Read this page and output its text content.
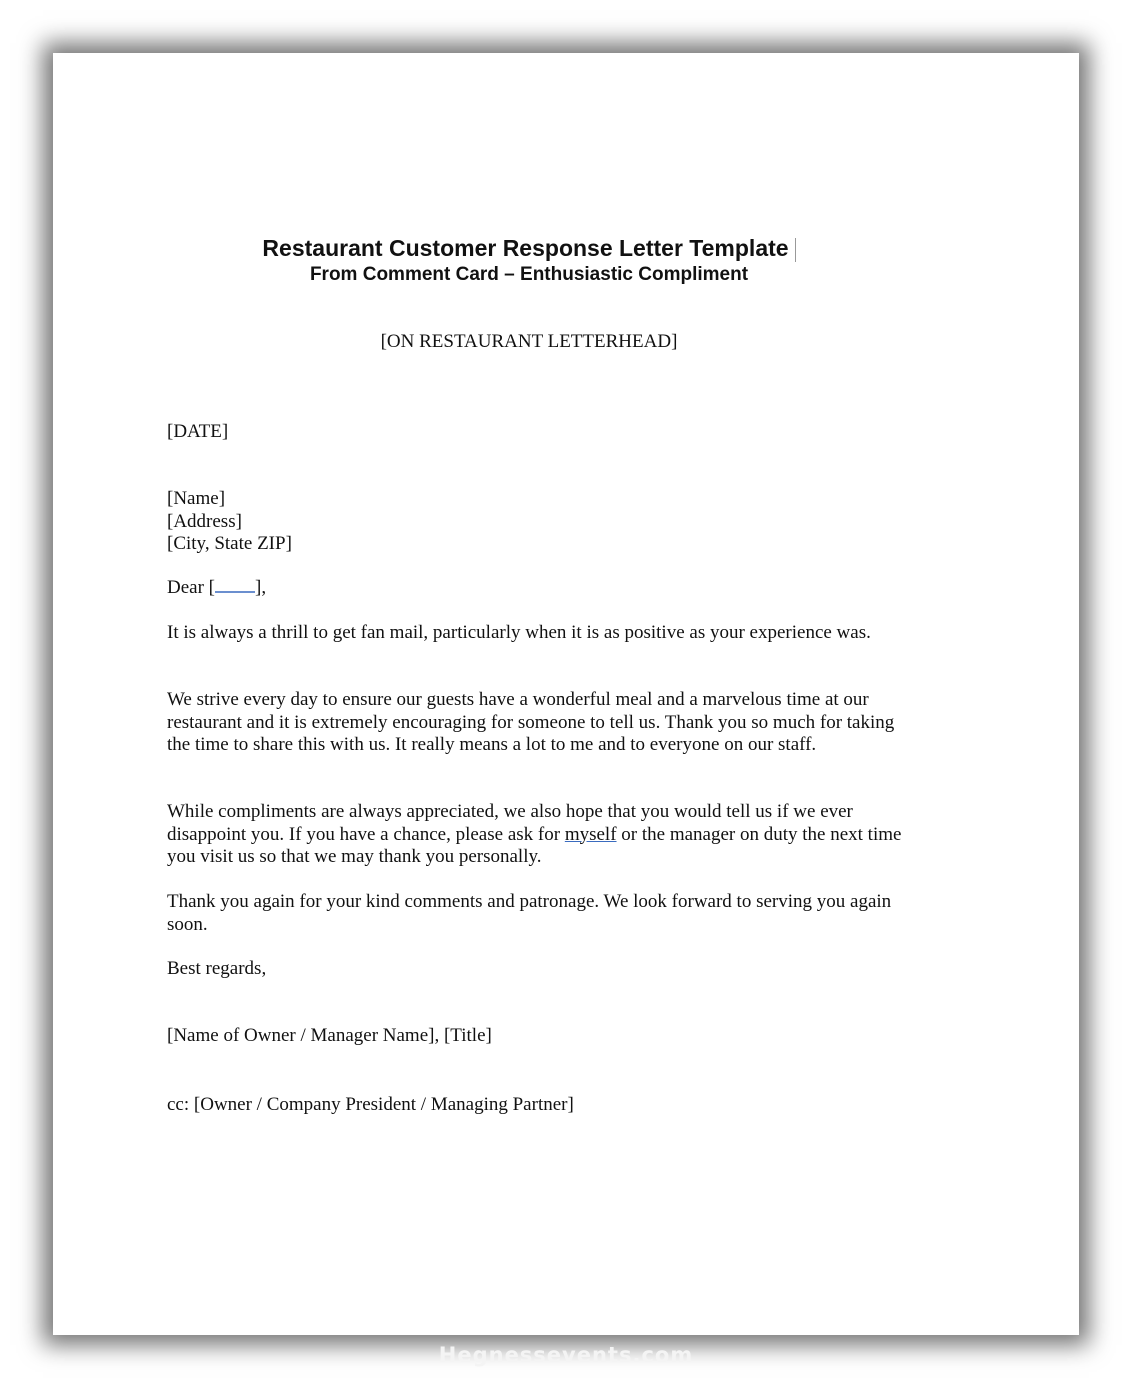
Restaurant Customer Response Letter Template
From Comment Card – Enthusiastic Compliment
[ON RESTAURANT LETTERHEAD]
[DATE]
[Name]
[Address]
[City, State ZIP]
Dear [ ],
It is always a thrill to get fan mail, particularly when it is as positive as your experience was.
We strive every day to ensure our guests have a wonderful meal and a marvelous time at our restaurant and it is extremely encouraging for someone to tell us. Thank you so much for taking the time to share this with us. It really means a lot to me and to everyone on our staff.
While compliments are always appreciated, we also hope that you would tell us if we ever disappoint you. If you have a chance, please ask for myself or the manager on duty the next time you visit us so that we may thank you personally.
Thank you again for your kind comments and patronage. We look forward to serving you again soon.
Best regards,
[Name of Owner / Manager Name], [Title]
cc: [Owner / Company President / Managing Partner]
Hegnessevents.com
